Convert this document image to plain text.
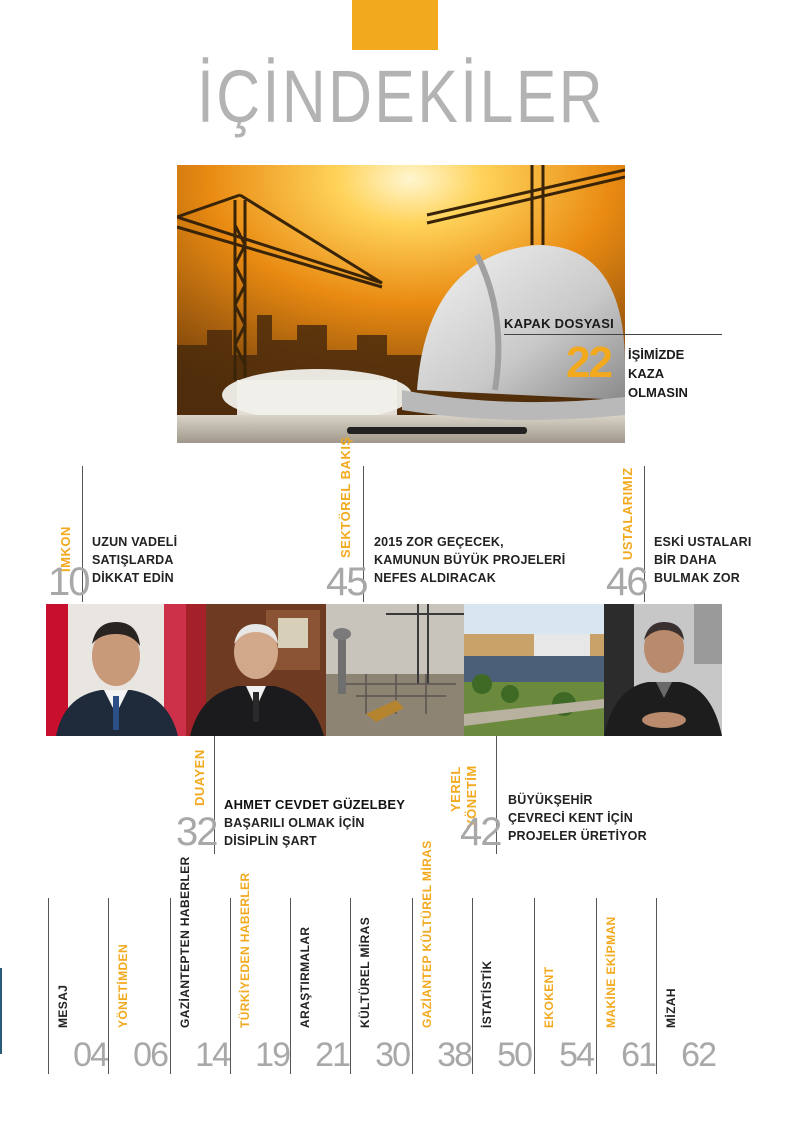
İÇİNDEKİLER
KAPAK DOSYASI
22 İŞİMİZDE
KAZA
OLMASIN
İMKON
10
UZUN VADELİ
SATIŞLARDA
DİKKAT EDİN
SEKTÖREL BAKIŞ
45
2015 ZOR GEÇECEK,
KAMUNUN BÜYÜK PROJELERİ
NEFES ALDIRACAK
USTALARIMIZ
46
ESKİ USTALARI
BİR DAHA
BULMAK ZOR
DUAYEN
32
AHMET CEVDET GÜZELBEY
BAŞARILI OLMAK İÇİN
DİSİPLİN ŞART
YEREL YÖNETİM
42
BÜYÜKŞEHİR
ÇEVRECİ KENT İÇİN
PROJELER ÜRETİYOR
MESAJ
04
YÖNETİMDEN
06
GAZİANTEPTEN HABERLER
14
TÜRKİYEDEN HABERLER
19
ARAŞTIRMALAR
21
KÜLTÜREL MİRAS
30
GAZİANTEP KÜLTÜREL MİRAS
38
İSTATİSTİK
50
EKOKENT
54
MAKİNE EKİPMAN
61
MİZAH
62
